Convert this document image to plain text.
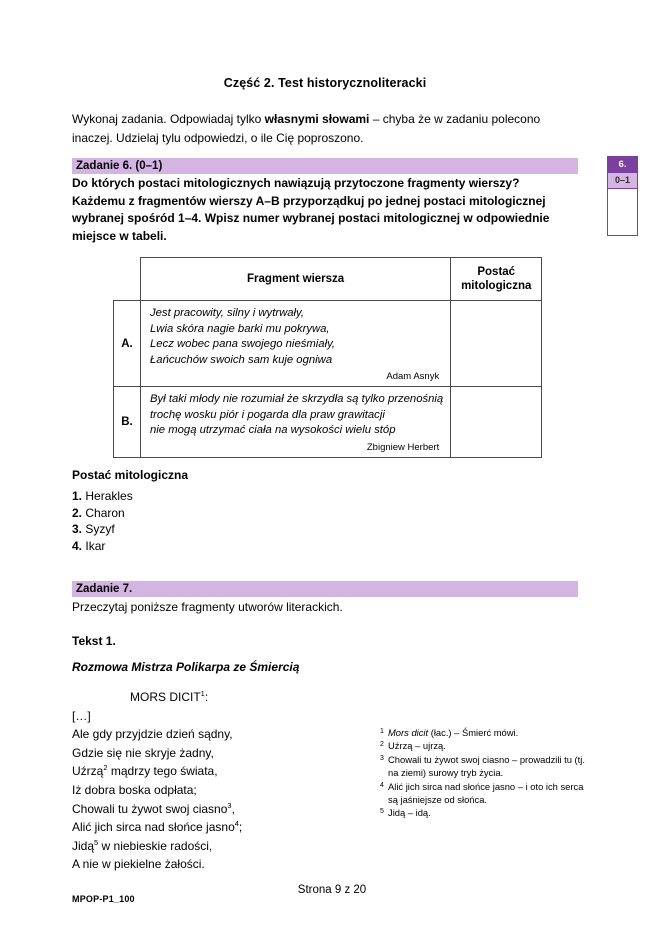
Część 2. Test historycznoliteracki
Wykonaj zadania. Odpowiadaj tylko własnymi słowami – chyba że w zadaniu polecono
inaczej. Udzielaj tylu odpowiedzi, o ile Cię poproszono.
Zadanie 6. (0–1)
Do których postaci mitologicznych nawiązują przytoczone fragmenty wierszy?
Każdemu z fragmentów wierszy A–B przyporządkuj po jednej postaci mitologicznej
wybranej spośród 1–4. Wpisz numer wybranej postaci mitologicznej w odpowiednie
miejsce w tabeli.
6.
0–1
	Fragment wiersza	Postać
mitologiczna
A.	Jest pracowity, silny i wytrwały,
Lwia skóra nagie barki mu pokrywa,
Lecz wobec pana swojego nieśmiały,
Łańcuchów swoich sam kuje ogniwa
Adam Asnyk	

B.	Był taki młody nie rozumiał że skrzydła są tylko przenośnią
trochę wosku piór i pogarda dla praw grawitacji
nie mogą utrzymać ciała na wysokości wielu stóp
Zbigniew Herbert	

Postać mitologiczna
1. Herakles
2. Charon
3. Syzyf
4. Ikar
Zadanie 7.
Przeczytaj poniższe fragmenty utworów literackich.
Tekst 1.
Rozmowa Mistrza Polikarpa ze Śmiercią
MORS DICIT$^1$:
[…]
Ale gdy przyjdzie dzień sądny,
Gdzie się nie skryje żadny,
Uźrzą$^2$ mądrzy tego świata,
Iż dobra boska odpłata;
Chowali tu żywot swoj ciasno$^3$,
Alić jich sirca nad słońce jasno$^4$;
Jidą$^5$ w niebieskie radości,
A nie w piekielne żałości.
1 Mors dicit (łac.) – Śmierć mówi.
2 Uźrzą – ujrzą.
3 Chowali tu żywot swoj ciasno – prowadzili tu (tj. na ziemi) surowy tryb życia.
4 Alić jich sirca nad słońce jasno – i oto ich serca są jaśniejsze od słońca.
5 Jidą – idą.
Strona 9 z 20
MPOP-P1_100
